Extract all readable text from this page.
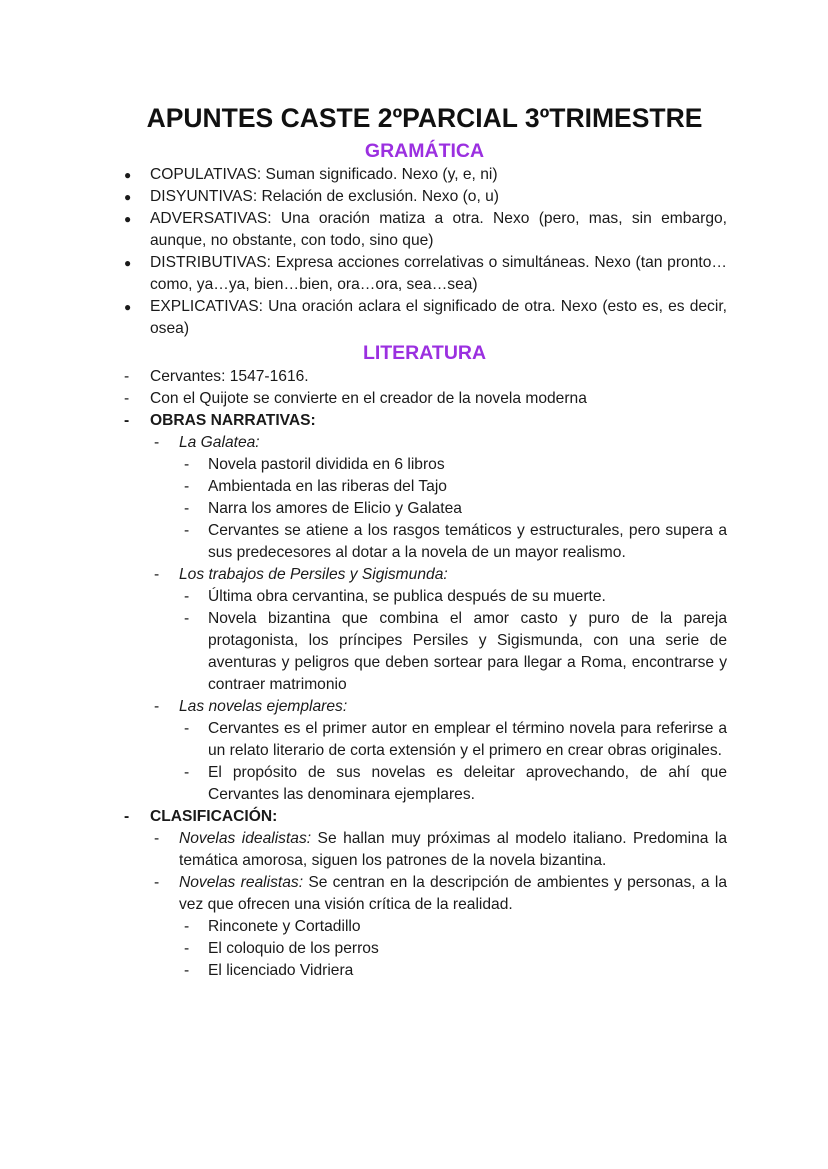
APUNTES CASTE 2ºPARCIAL 3ºTRIMESTRE
GRAMÁTICA
● COPULATIVAS: Suman significado. Nexo (y, e, ni)
● DISYUNTIVAS: Relación de exclusión. Nexo (o, u)
● ADVERSATIVAS: Una oración matiza a otra. Nexo (pero, mas, sin embargo, aunque, no obstante, con todo, sino que)
● DISTRIBUTIVAS: Expresa acciones correlativas o simultáneas. Nexo (tan pronto… como, ya…ya, bien…bien, ora…ora, sea…sea)
● EXPLICATIVAS: Una oración aclara el significado de otra. Nexo (esto es, es decir, osea)
LITERATURA
- Cervantes: 1547-1616.
- Con el Quijote se convierte en el creador de la novela moderna
- OBRAS NARRATIVAS:
- La Galatea:
- Novela pastoril dividida en 6 libros
- Ambientada en las riberas del Tajo
- Narra los amores de Elicio y Galatea
- Cervantes se atiene a los rasgos temáticos y estructurales, pero supera a sus predecesores al dotar a la novela de un mayor realismo.
- Los trabajos de Persiles y Sigismunda:
- Última obra cervantina, se publica después de su muerte.
- Novela bizantina que combina el amor casto y puro de la pareja protagonista, los príncipes Persiles y Sigismunda, con una serie de aventuras y peligros que deben sortear para llegar a Roma, encontrarse y contraer matrimonio
- Las novelas ejemplares:
- Cervantes es el primer autor en emplear el término novela para referirse a un relato literario de corta extensión y el primero en crear obras originales.
- El propósito de sus novelas es deleitar aprovechando, de ahí que Cervantes las denominara ejemplares.
- CLASIFICACIÓN:
- Novelas idealistas: Se hallan muy próximas al modelo italiano. Predomina la temática amorosa, siguen los patrones de la novela bizantina.
- Novelas realistas: Se centran en la descripción de ambientes y personas, a la vez que ofrecen una visión crítica de la realidad.
- Rinconete y Cortadillo
- El coloquio de los perros
- El licenciado Vidriera
